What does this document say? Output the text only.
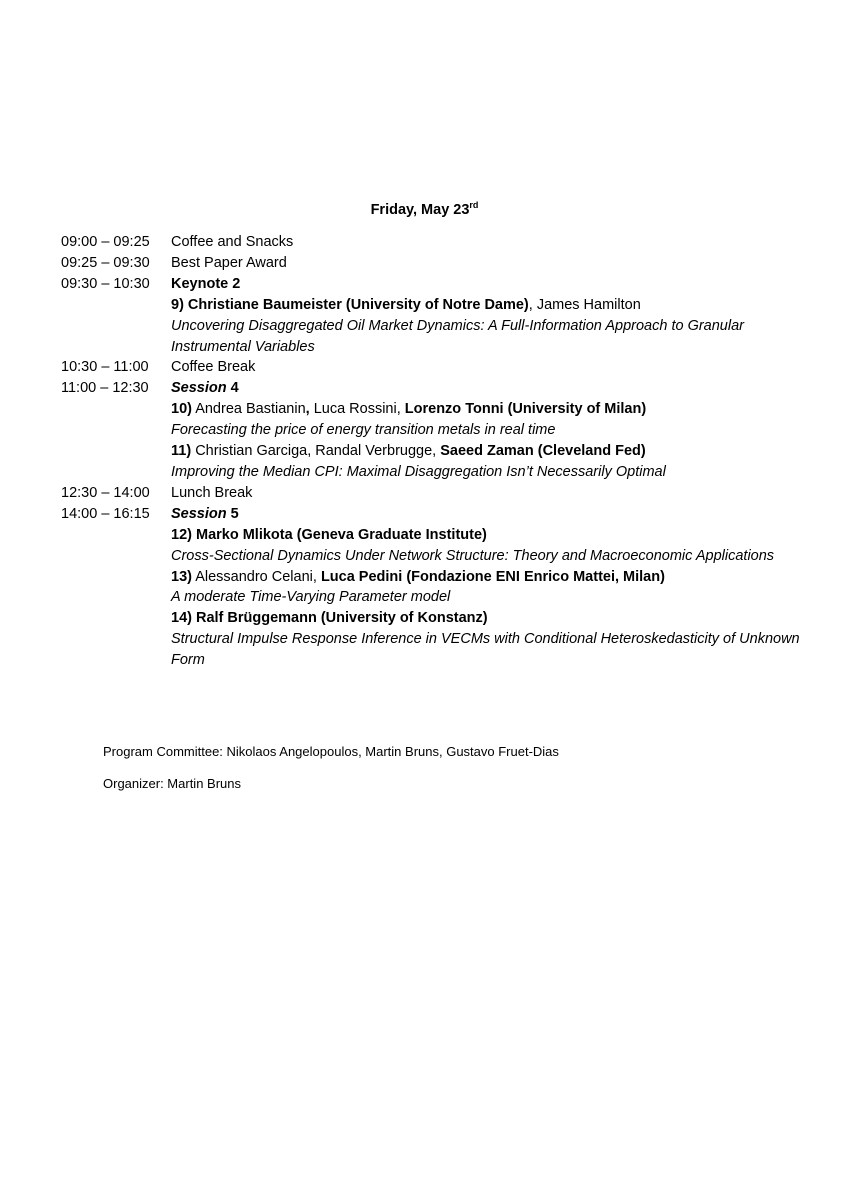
Friday, May 23rd
09:00 – 09:25	Coffee and Snacks
09:25 – 09:30	Best Paper Award
09:30 – 10:30	Keynote 2
9) Christiane Baumeister (University of Notre Dame), James Hamilton
Uncovering Disaggregated Oil Market Dynamics: A Full-Information Approach to Granular Instrumental Variables
10:30 – 11:00	Coffee Break
11:00 – 12:30	Session 4
10) Andrea Bastianin, Luca Rossini, Lorenzo Tonni (University of Milan)
Forecasting the price of energy transition metals in real time
11) Christian Garciga, Randal Verbrugge, Saeed Zaman (Cleveland Fed)
Improving the Median CPI: Maximal Disaggregation Isn’t Necessarily Optimal
12:30 – 14:00	Lunch Break
14:00 – 16:15	Session 5
12) Marko Mlikota (Geneva Graduate Institute)
Cross-Sectional Dynamics Under Network Structure: Theory and Macroeconomic Applications
13) Alessandro Celani, Luca Pedini (Fondazione ENI Enrico Mattei, Milan)
A moderate Time-Varying Parameter model
14) Ralf Brüggemann (University of Konstanz)
Structural Impulse Response Inference in VECMs with Conditional Heteroskedasticity of Unknown Form
Program Committee: Nikolaos Angelopoulos, Martin Bruns, Gustavo Fruet-Dias
Organizer: Martin Bruns
